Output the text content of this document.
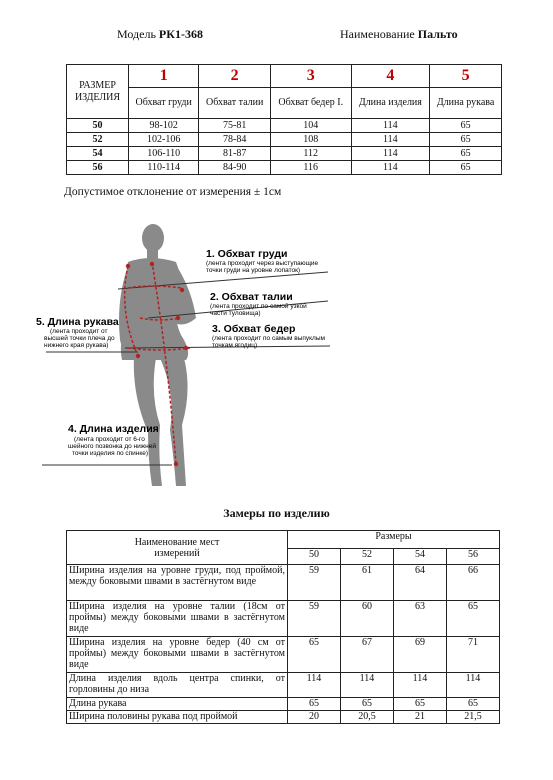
Модель РК1-368	Наименование Пальто
РАЗМЕР ИЗДЕЛИЯ	1	2	3	4	5
	Обхват груди	Обхват талии	Обхват бедер I.	Длина изделия	Длина рукава
50	98-102	75-81	104	114	65
52	102-106	78-84	108	114	65
54	106-110	81-87	112	114	65
56	110-114	84-90	116	114	65
Допустимое отклонение от измерения ± 1см
1. Обхват груди
(лента проходит через выступающие
точки груди на уровне лопаток)
2. Обхват талии
(лента проходит по самой узкой
части туловища)
3. Обхват бедер
(лента проходит по самым выпуклым
точкам ягодиц)
5. Длина рукава
(лента проходит от
высшей точки плеча до
нижнего края рукава)
4. Длина изделия
(лента проходит от 6-го
шейного позвонка до нижней
точки изделия по спинке)
Замеры по изделию
Наименование мест измерений	Размеры			
	50	52	54	56
Ширина изделия на уровне груди, под проймой, между боковыми швами в застёгнутом виде	59	61	64	66
Ширина изделия на уровне талии (18см от проймы) между боковыми швами в застёгнутом виде	59	60	63	65
Ширина изделия на уровне бедер (40 см от проймы) между боковыми швами в застёгнутом виде	65	67	69	71
Длина изделия вдоль центра спинки, от горловины до низа	114	114	114	114
Длина рукава	65	65	65	65
Ширина половины рукава под проймой	20	20,5	21	21,5
